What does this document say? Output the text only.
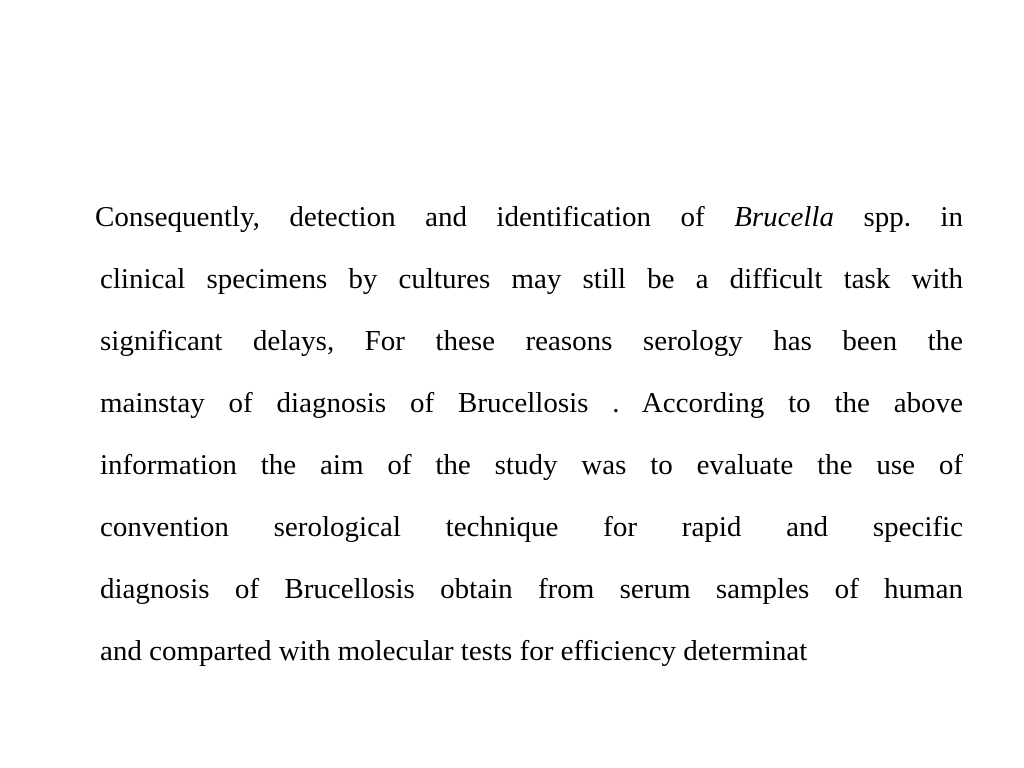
Consequently, detection and identification of Brucella spp. in
clinical specimens by cultures may still be a difficult task with
significant delays, For these reasons serology has been the
mainstay of diagnosis of Brucellosis . According to the above
information the aim of the study was to evaluate the use of
convention serological technique for rapid and specific
diagnosis of Brucellosis obtain from serum samples of human
and comparted with molecular tests for efficiency determinat
